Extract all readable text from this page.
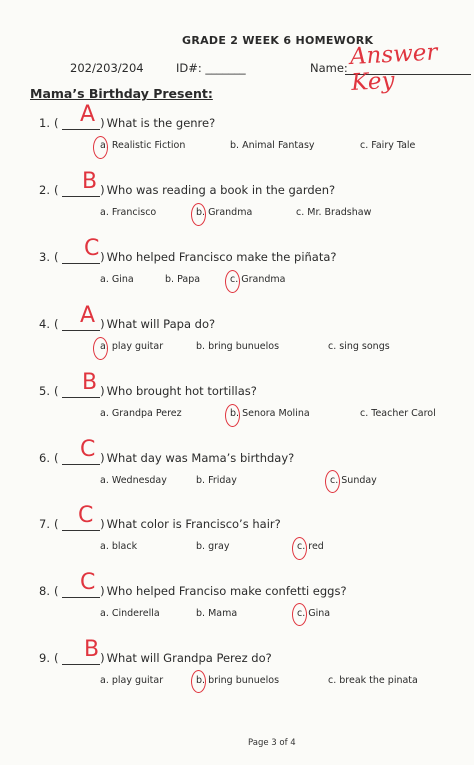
GRADE 2 WEEK 6 HOMEWORK
202/203/204	ID#: _______	Name: Answer Key
Mama’s Birthday Present:
1. (	) What is the genre?
A
a. Realistic Fiction	b. Animal Fantasy	c. Fairy Tale
2. (	) Who was reading a book in the garden?
B
a. Francisco	b. Grandma	c. Mr. Bradshaw
3. (	) Who helped Francisco make the piñata?
C
a. Gina	b. Papa	c. Grandma
4. (	) What will Papa do?
A
a. play guitar	b. bring bunuelos	c. sing songs
5. (	) Who brought hot tortillas?
B
a. Grandpa Perez	b. Senora Molina	c. Teacher Carol
6. (	) What day was Mama’s birthday?
C
a. Wednesday	b. Friday	c. Sunday
7. (	) What color is Francisco’s hair?
C
a. black	b. gray	c. red
8. (	) Who helped Franciso make confetti eggs?
C
a. Cinderella	b. Mama	c. Gina
9. (	) What will Grandpa Perez do?
B
a. play guitar	b. bring bunuelos	c. break the pinata
Page 3 of 4
